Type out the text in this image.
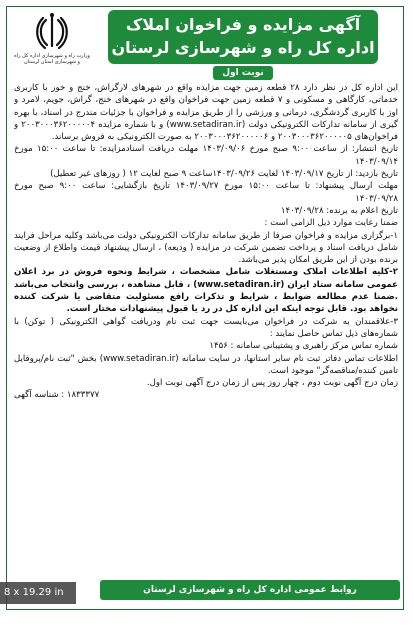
وزارت راه و شهرسازی اداره کل راه و شهرسازی استان لرستان
آگهی مزایده و فراخوان املاک
اداره کل راه و شهرسازی لرستان
نوبت اول

این اداره کل در نظر دارد ۲۸ قطعه زمین جهت مزایده واقع در شهرهای لارگراش، خنج و خور با کاربری خدماتی، کارگاهی و مسکونی و ۷ قطعه زمین جهت فراخوان واقع در شهرهای خنج، گراش، جویم، لامرد و اوز با کاربری گردشگری، درمانی و ورزشی را از طریق مزایده و فراخوان با جزئیات مندرج در اسناد، با بهره گیری از سامانه تدارکات الکترونیکی دولت (www.setadiran.ir) و با شماره مزایده ۲۰۰۳۰۰۰۳۶۲۰۰۰۰۰۴ و فراخوان‌های ۲۰۰۳۰۰۰۳۶۲۰۰۰۰۰۵ و ۲۰۰۳۰۰۰۳۶۲۰۰۰۰۰۶ به صورت الکترونیکی به فروش برساند.

تاریخ انتشار: از ساعت ۹:۰۰ صبح مورخ ۱۴۰۳/۰۹/۰۶ مهلت دریافت اسناد‌مزایده: تا ساعت ۱۵:۰۰ مورخ ۱۴۰۳/۰۹/۱۴

تاریخ بازدید: از تاریخ ۱۴۰۳/۰۹/۱۷ لغایت ۱۴۰۳/۰۹/۲۶ساعت ۹ صبح لغایت ۱۲ ( روزهای غیر تعطیل)

مهلت ارسال پیشنهاد: تا ساعت ۱۵:۰۰ مورخ ۱۴۰۳/۰۹/۲۷ تاریخ بازگشایی: ساعت ۹:۰۰ صبح مورخ ۱۴۰۳/۰۹/۲۸

تاریخ اعلام به برنده: ۱۴۰۳/۰۹/۲۸

ضمنا رعایت موارد ذیل الزامی است :

۱-برگزاری مزایده و فراخوان صرفا از طریق سامانه تدارکات الکترونیکی دولت می‌باشد وکلیه مراحل فرایند شامل دریافت اسناد و پرداخت تضمین شرکت در مزایده ( ودیعه) ، ارسال پیشنهاد قیمت واطلاع از وضعیت برنده بودن از این طریق امکان پذیر می‌باشد.

۲-کلیه اطلاعات املاک ومستغلات شامل مشخصات ، شرایط ونحوه فروش در برد اعلان عمومی سامانه ستاد ایران (www.setadiran.ir) ، قابل مشاهده ، بررسی وانتخاب می‌باشد .ضمنا عدم مطالعه ضوابط ، شرایط و تذکرات رافع مسئولیت متقاضی یا شرکت کننده نخواهد بود. قابل توجه اینکه این اداره کل در رد یا قبول پیشنهادات مختار است.

۳-علاقمندان به شرکت در فراخوان می‌بایست جهت ثبت نام ودریافت گواهی الکترونیکی ( توکن) با شماره‌های ذیل تماس حاصل نمایند :

شماره تماس مرکز راهبری و پشتیبانی سامانه : ۱۴۵۶

اطلاعات تماس دفاتر ثبت نام سایر استانها، در سایت سامانه (www.setadiran.ir) بخش "ثبت نام/پروفایل تامین کننده/مناقصه‌گر" موجود است.

زمان درج آگهی نوبت دوم ، چهار روز پس از زمان درج آگهی نوبت اول.

۱۸۳۳۳۷۷ : شناسه آگهی

روابط عمومی اداره کل راه و شهرسازی لرستان
8 x 19.29 in
